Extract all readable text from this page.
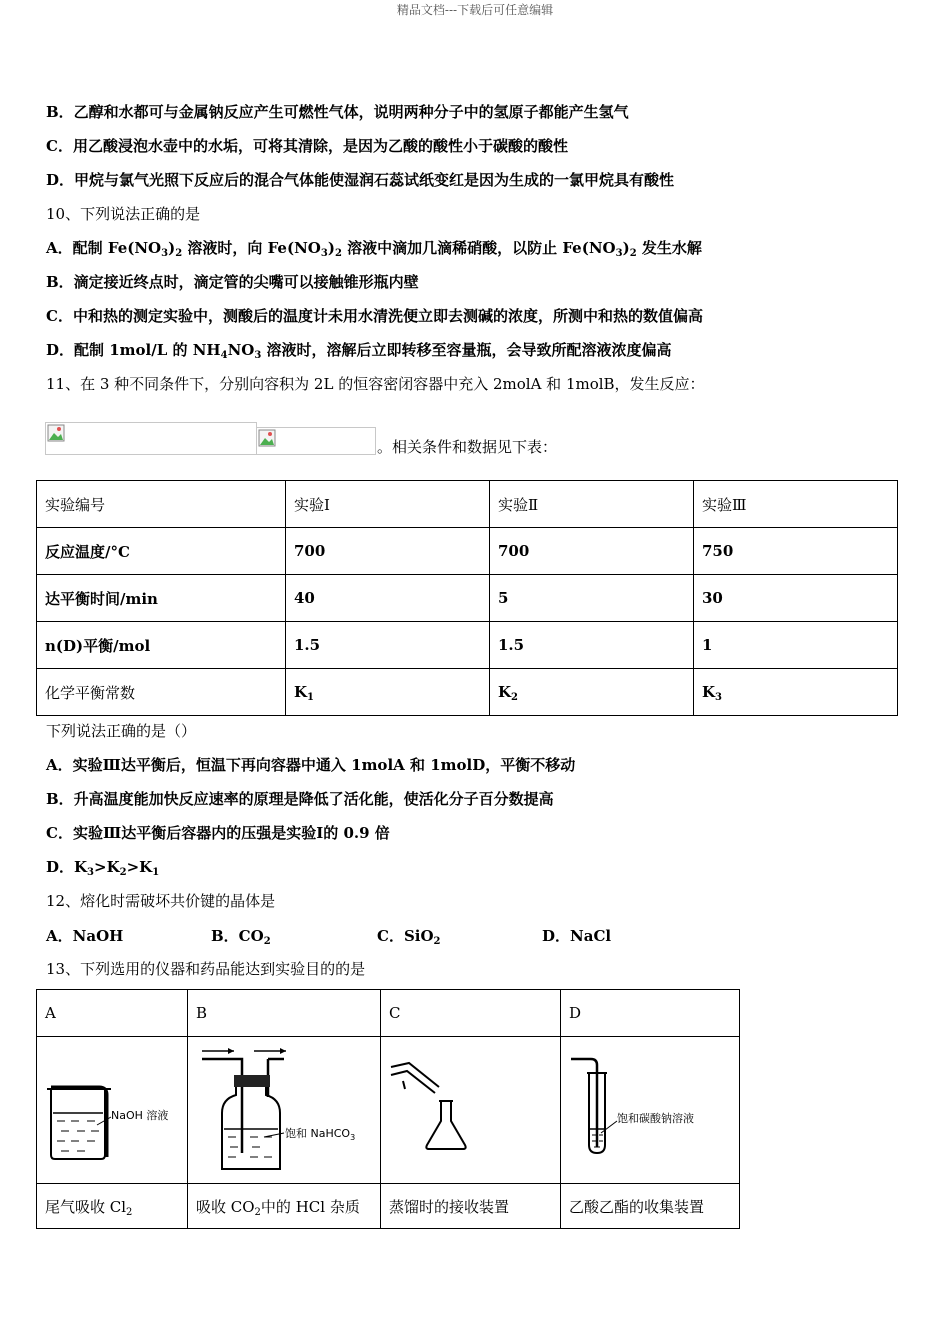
精品文档---下载后可任意编辑
B．乙醇和水都可与金属钠反应产生可燃性气体，说明两种分子中的氢原子都能产生氢气
C．用乙酸浸泡水壶中的水垢，可将其清除，是因为乙酸的酸性小于碳酸的酸性
D．甲烷与氯气光照下反应后的混合气体能使湿润石蕊试纸变红是因为生成的一氯甲烷具有酸性
10、下列说法正确的是
A．配制 $Fe(NO_3)_2$ 溶液时，向 $Fe(NO_3)_2$ 溶液中滴加几滴稀硝酸，以防止 $Fe(NO_3)_2$ 发生水解
B．滴定接近终点时，滴定管的尖嘴可以接触锥形瓶内壁
C．中和热的测定实验中，测酸后的温度计未用水清洗便立即去测碱的浓度，所测中和热的数值偏高
D．配制 1mol/L 的 $NH_4NO_3$ 溶液时，溶解后立即转移至容量瓶，会导致所配溶液浓度偏高
11、在 3 种不同条件下，分别向容积为 2L 的恒容密闭容器中充入 2molA 和 1molB，发生反应：
。相关条件和数据见下表：
实验编号	实验Ⅰ	实验Ⅱ	实验Ⅲ
反应温度/°C	700	700	750
达平衡时间/min	40	5	30
n(D)平衡/mol	1.5	1.5	1
化学平衡常数	$K_1$	$K_2$	$K_3$
下列说法正确的是（）
A．实验Ⅲ达平衡后，恒温下再向容器中通入 1molA 和 1molD，平衡不移动
B．升高温度能加快反应速率的原理是降低了活化能，使活化分子百分数提高
C．实验Ⅲ达平衡后容器内的压强是实验Ⅰ的 0.9 倍
D．$K_3>K_2>K_1$
12、熔化时需破坏共价键的晶体是
A．NaOH	B．$CO_2$	C．SiO$_2$	D．NaCl
13、下列选用的仪器和药品能达到实验目的的是
A	B	C	D

NaOH 溶液	饱和 NaHCO$_3$		饱和碳酸钠溶液

尾气吸收 $Cl_2$	吸收 $CO_2$中的 HCl 杂质	蒸馏时的接收装置	乙酸乙酯的收集装置
